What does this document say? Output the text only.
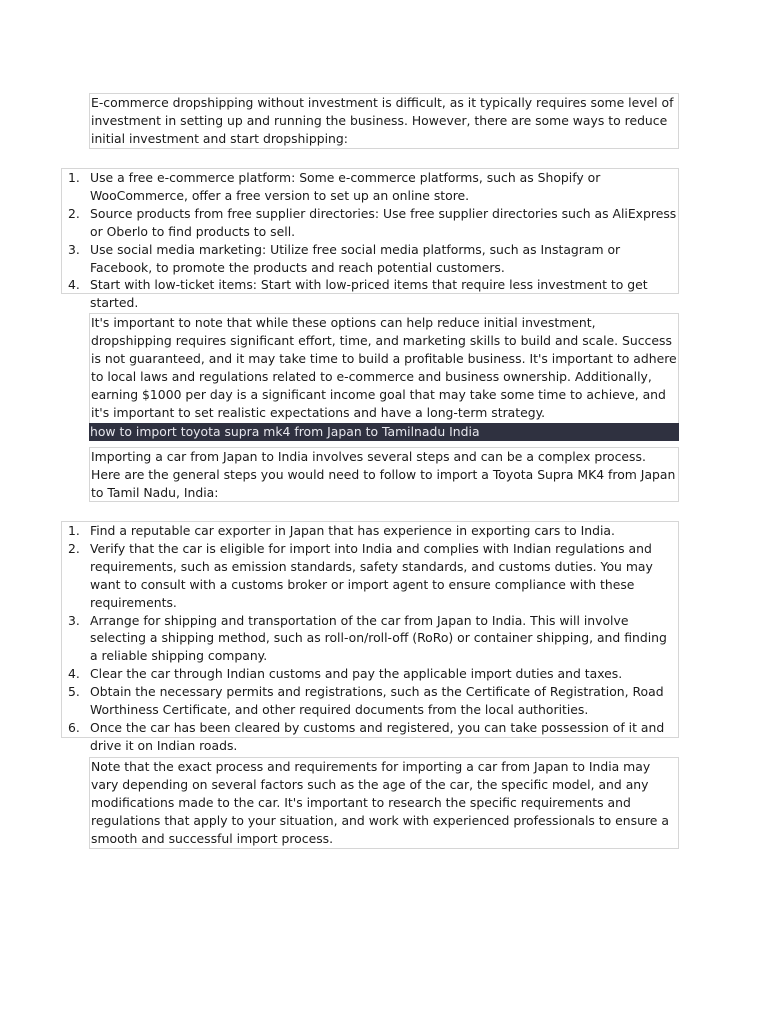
E-commerce dropshipping without investment is difficult, as it typically requires some level of investment in setting up and running the business. However, there are some ways to reduce initial investment and start dropshipping:

1. Use a free e-commerce platform: Some e-commerce platforms, such as Shopify or WooCommerce, offer a free version to set up an online store.
2. Source products from free supplier directories: Use free supplier directories such as AliExpress or Oberlo to find products to sell.
3. Use social media marketing: Utilize free social media platforms, such as Instagram or Facebook, to promote the products and reach potential customers.
4. Start with low-ticket items: Start with low-priced items that require less investment to get started.

It's important to note that while these options can help reduce initial investment, dropshipping requires significant effort, time, and marketing skills to build and scale. Success is not guaranteed, and it may take time to build a profitable business. It's important to adhere to local laws and regulations related to e-commerce and business ownership. Additionally, earning $1000 per day is a significant income goal that may take some time to achieve, and it's important to set realistic expectations and have a long-term strategy.

how to import toyota supra mk4 from Japan to Tamilnadu India

Importing a car from Japan to India involves several steps and can be a complex process. Here are the general steps you would need to follow to import a Toyota Supra MK4 from Japan to Tamil Nadu, India:

1. Find a reputable car exporter in Japan that has experience in exporting cars to India.
2. Verify that the car is eligible for import into India and complies with Indian regulations and requirements, such as emission standards, safety standards, and customs duties. You may want to consult with a customs broker or import agent to ensure compliance with these requirements.
3. Arrange for shipping and transportation of the car from Japan to India. This will involve selecting a shipping method, such as roll-on/roll-off (RoRo) or container shipping, and finding a reliable shipping company.
4. Clear the car through Indian customs and pay the applicable import duties and taxes.
5. Obtain the necessary permits and registrations, such as the Certificate of Registration, Road Worthiness Certificate, and other required documents from the local authorities.
6. Once the car has been cleared by customs and registered, you can take possession of it and drive it on Indian roads.

Note that the exact process and requirements for importing a car from Japan to India may vary depending on several factors such as the age of the car, the specific model, and any modifications made to the car. It's important to research the specific requirements and regulations that apply to your situation, and work with experienced professionals to ensure a smooth and successful import process.
